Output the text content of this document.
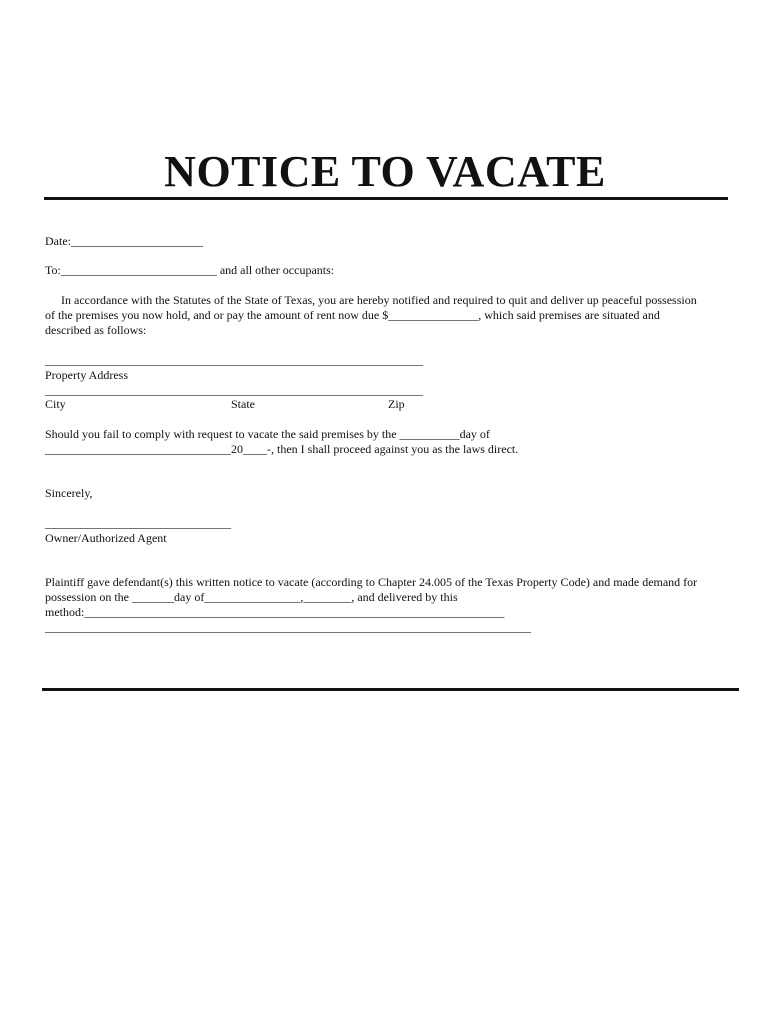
NOTICE TO VACATE
Date:______________________
To:__________________________ and all other occupants:
In accordance with the Statutes of the State of Texas, you are hereby notified and required to quit and deliver up peaceful possession
of the premises you now hold, and or pay the amount of rent now due $_______________, which said premises are situated and
described as follows:
_______________________________________________________________
Property Address
_______________________________________________________________
City	State	Zip
Should you fail to comply with request to vacate the said premises by the __________day of
_______________________________20____-, then I shall proceed against you as the laws direct.
Sincerely,
_______________________________
Owner/Authorized Agent
Plaintiff gave defendant(s) this written notice to vacate (according to Chapter 24.005 of the Texas Property Code) and made demand for
possession on the _______day of________________,________, and delivered by this
method:______________________________________________________________________
_________________________________________________________________________________
